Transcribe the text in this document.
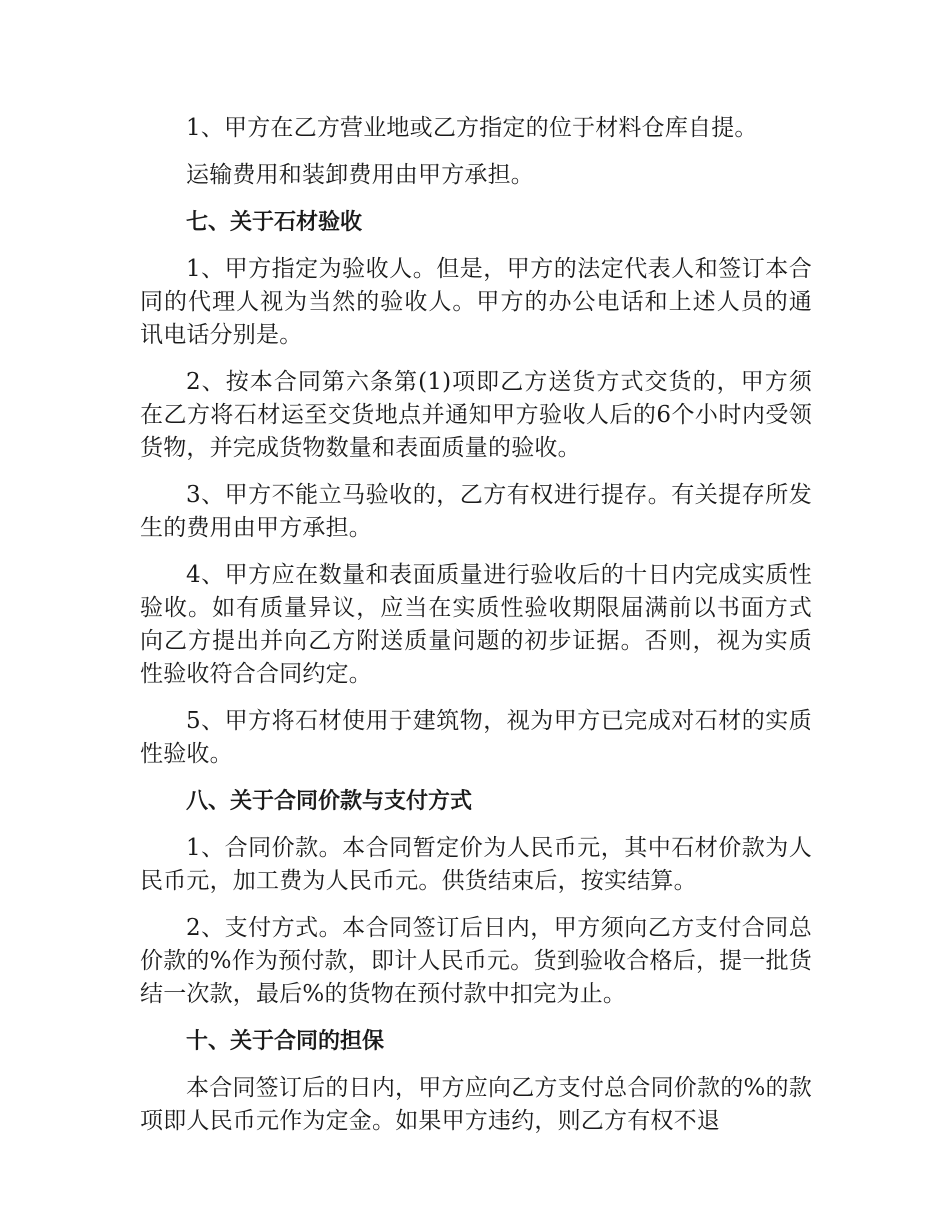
1、甲方在乙方营业地或乙方指定的位于材料仓库自提。

运输费用和装卸费用由甲方承担。

七、关于石材验收

1、甲方指定为验收人。但是，甲方的法定代表人和签订本合同的代理人视为当然的验收人。甲方的办公电话和上述人员的通讯电话分别是。

2、按本合同第六条第(1)项即乙方送货方式交货的，甲方须在乙方将石材运至交货地点并通知甲方验收人后的6个小时内受领货物，并完成货物数量和表面质量的验收。

3、甲方不能立马验收的，乙方有权进行提存。有关提存所发生的费用由甲方承担。

4、甲方应在数量和表面质量进行验收后的十日内完成实质性验收。如有质量异议，应当在实质性验收期限届满前以书面方式向乙方提出并向乙方附送质量问题的初步证据。否则，视为实质性验收符合合同约定。

5、甲方将石材使用于建筑物，视为甲方已完成对石材的实质性验收。

八、关于合同价款与支付方式

1、合同价款。本合同暂定价为人民币元，其中石材价款为人民币元，加工费为人民币元。供货结束后，按实结算。

2、支付方式。本合同签订后日内，甲方须向乙方支付合同总价款的%作为预付款，即计人民币元。货到验收合格后，提一批货结一次款，最后%的货物在预付款中扣完为止。

十、关于合同的担保

本合同签订后的日内，甲方应向乙方支付总合同价款的%的款项即人民币元作为定金。如果甲方违约，则乙方有权不退
